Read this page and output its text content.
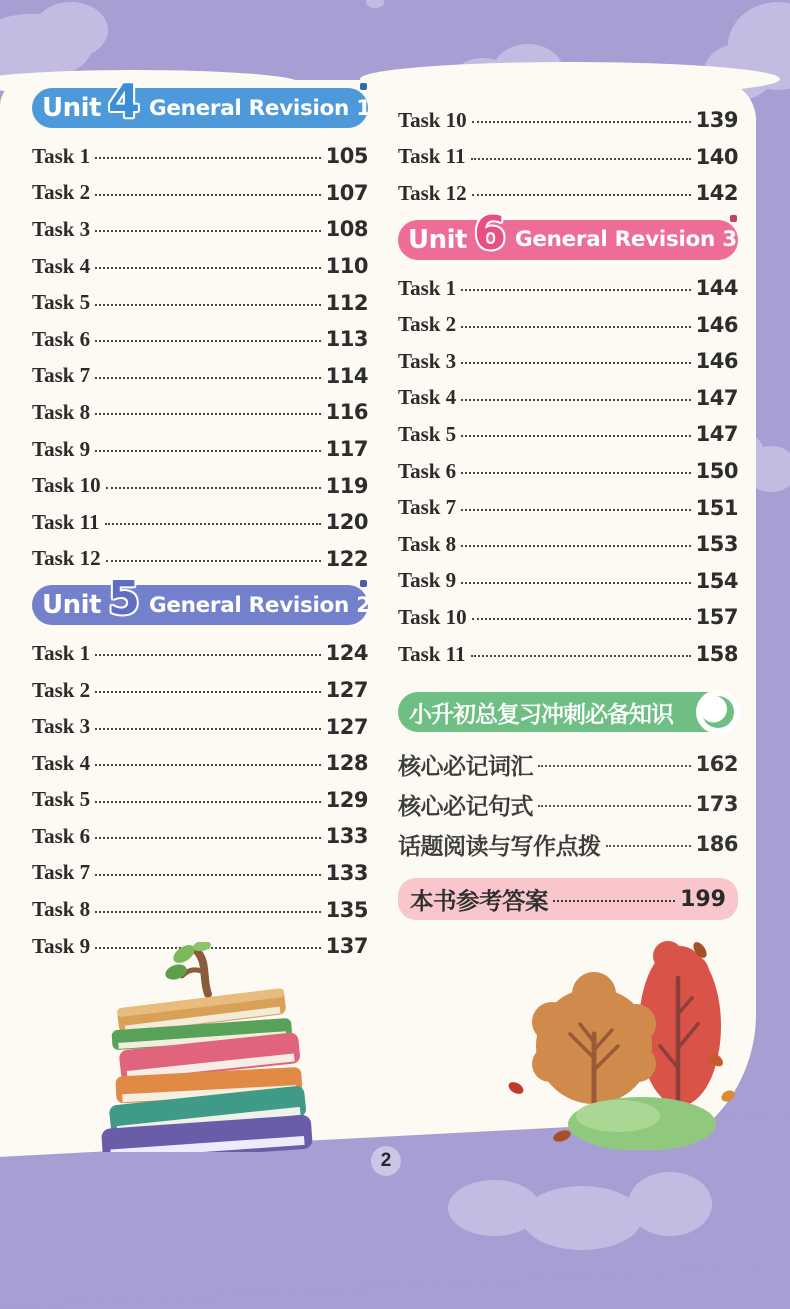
Unit 4 General Revision 1
Task 1	105
Task 2	107
Task 3	108
Task 4	110
Task 5	112
Task 6	113
Task 7	114
Task 8	116
Task 9	117
Task 10	119
Task 11	120
Task 12	122
Unit 5 General Revision 2
Task 1	124
Task 2	127
Task 3	127
Task 4	128
Task 5	129
Task 6	133
Task 7	133
Task 8	135
Task 9	137
Task 10	139
Task 11	140
Task 12	142
Unit 6 General Revision 3
Task 1	144
Task 2	146
Task 3	146
Task 4	147
Task 5	147
Task 6	150
Task 7	151
Task 8	153
Task 9	154
Task 10	157
Task 11	158
小升初总复习冲刺必备知识
核心必记词汇	162
核心必记句式	173
话题阅读与写作点拨	186
本书参考答案	199
2
